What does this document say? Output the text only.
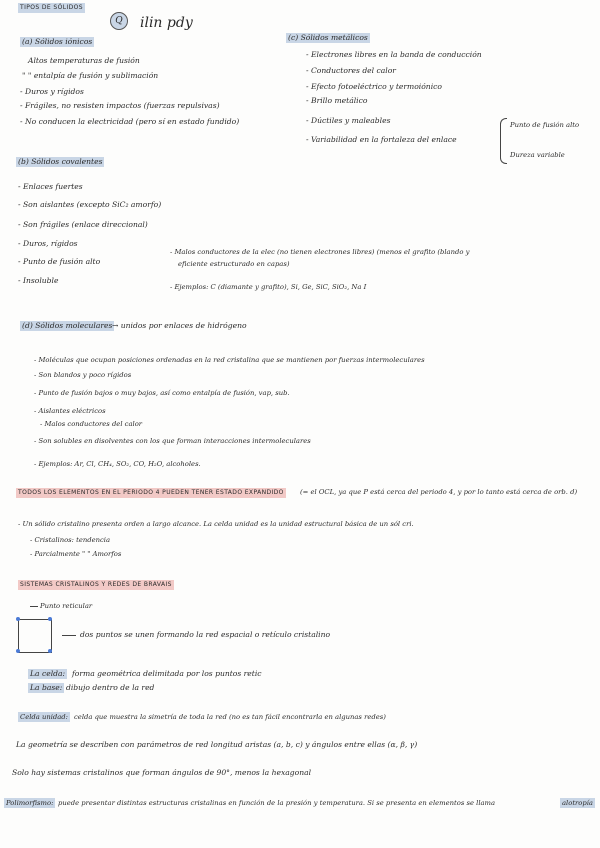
TIPOS DE SÓLIDOS
Q	ilin pdy
(a) Sólidos iónicos
Altos temperaturas de fusión
" " entalpía de fusión y sublimación
- Duros y rígidos
- Frágiles, no resisten impactos (fuerzas repulsivas)
- No conducen la electricidad (pero sí en estado fundido)
(c) Sólidos metálicos
- Electrones libres en la banda de conducción
- Conductores del calor
- Efecto fotoeléctrico y termoiónico
- Brillo metálico
- Dúctiles y maleables
- Variabilidad en la fortaleza del enlace
Punto de fusión alto
Dureza variable
(b) Sólidos covalentes
- Enlaces fuertes
- Son aislantes (excepto SiC₂ amorfo)
- Son frágiles (enlace direccional)
- Duros, rígidos
- Punto de fusión alto
- Insoluble
- Malos conductores de la elec (no tienen electrones libres) (menos el grafito (blando y
eficiente estructurado en capas)
- Ejemplos: C (diamante y grafito), Si, Ge, SiC, SiO₂, Na I
(d) Sólidos moleculares → unidos por enlaces de hidrógeno
- Moléculas que ocupan posiciones ordenadas en la red cristalina que se mantienen por fuerzas intermoleculares
- Son blandos y poco rígidos
- Punto de fusión bajos o muy bajos, así como entalpía de fusión, vap, sub.
- Aislantes eléctricos
- Malos conductores del calor
- Son solubles en disolventes con los que forman interacciones intermoleculares
- Ejemplos: Ar, Cl, CH₄, SO₂, CO, H₂O, alcoholes.
TODOS LOS ELEMENTOS EN EL PERIODO 4 PUEDEN TENER ESTADO EXPANDIDO (= el OCL, ya que P está cerca del periodo 4, y por lo tanto está cerca de orb. d)
- Un sólido cristalino presenta orden a largo alcance. La celda unidad es la unidad estructural básica de un sól cri.
- Cristalinos: tendencia
- Parcialmente " " Amorfos
SISTEMAS CRISTALINOS Y REDES DE BRAVAIS
Punto reticular
dos puntos se unen formando la red espacial o retículo cristalino
La celda: forma geométrica delimitada por los puntos retic
La base: dibujo dentro de la red
Celda unidad: celda que muestra la simetría de toda la red (no es tan fácil encontrarla en algunas redes)
La geometría se describen con parámetros de red longitud aristas (a, b, c) y ángulos entre ellas (α, β, γ)
Solo hay sistemas cristalinos que forman ángulos de 90°, menos la hexagonal
Polimorfismo: puede presentar distintas estructuras cristalinas en función de la presión y temperatura. Si se presenta en elementos se llama	alotropía
